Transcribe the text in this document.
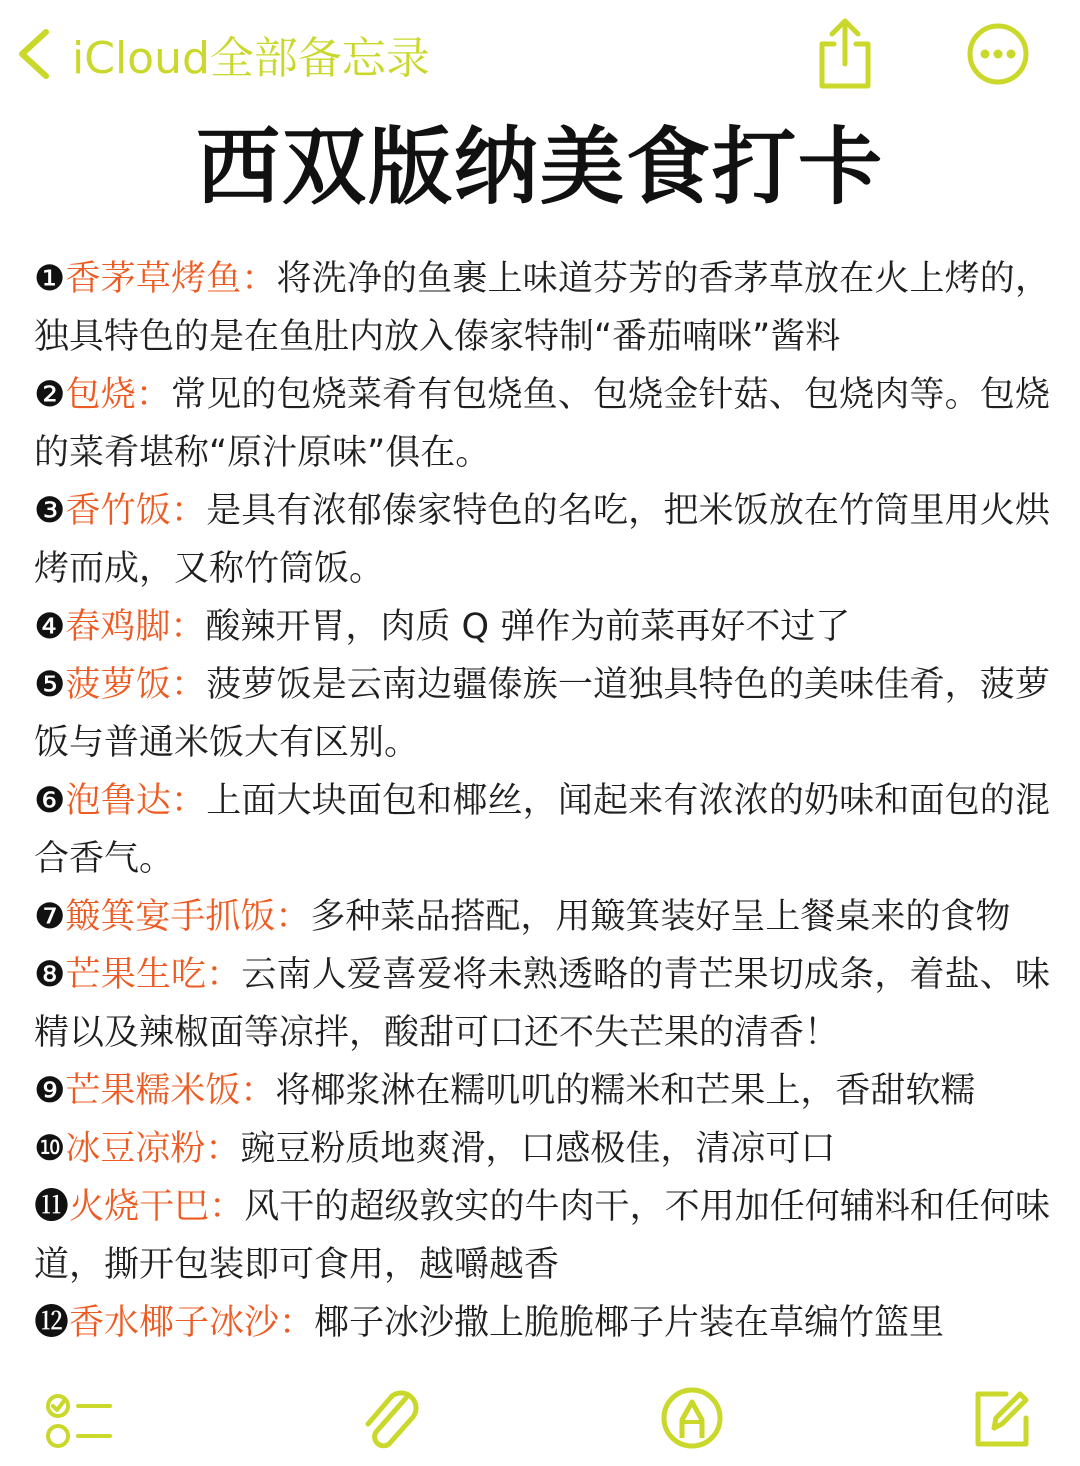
iCloud全部备忘录
西双版纳美食打卡
❶香茅草烤鱼：将洗净的鱼裹上味道芬芳的香茅草放在火上烤的，独具特色的是在鱼肚内放入傣家特制“番茄喃咪”酱料
❷包烧：常见的包烧菜肴有包烧鱼、包烧金针菇、包烧肉等。包烧的菜肴堪称“原汁原味”俱在。
❸香竹饭：是具有浓郁傣家特色的名吃，把米饭放在竹筒里用火烘烤而成，又称竹筒饭。
❹舂鸡脚：酸辣开胃，肉质 Q 弹作为前菜再好不过了
❺菠萝饭：菠萝饭是云南边疆傣族一道独具特色的美味佳肴，菠萝饭与普通米饭大有区别。
❻泡鲁达：上面大块面包和椰丝，闻起来有浓浓的奶味和面包的混合香气。
❼簸箕宴手抓饭：多种菜品搭配，用簸箕装好呈上餐桌来的食物
❽芒果生吃：云南人爱喜爱将未熟透略的青芒果切成条，着盐、味精以及辣椒面等凉拌，酸甜可口还不失芒果的清香！
❾芒果糯米饭：将椰浆淋在糯叽叽的糯米和芒果上，香甜软糯
❿冰豆凉粉：豌豆粉质地爽滑，口感极佳，清凉可口
⓫火烧干巴：风干的超级敦实的牛肉干，不用加任何辅料和任何味道，撕开包装即可食用，越嚼越香
⓬香水椰子冰沙：椰子冰沙撒上脆脆椰子片装在草编竹篮里
